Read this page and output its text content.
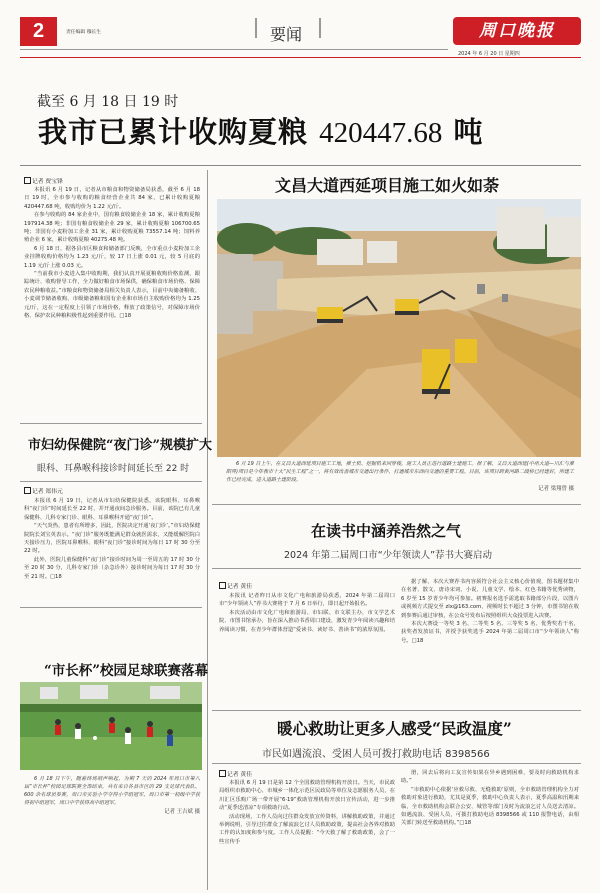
2	责任编辑 穆长生	要闻	周口晚报
2024 年 6 月 20 日 星期四
截至 6 月 18 日 19 时
我市已累计收购夏粮 420447.68 吨
记者 贾宝锋

本报讯 6 月 19 日，记者从市粮食和物资储备局获悉，截至 6 月 18 日 19 时，全市参与收购的粮食经营企业共 84 家，已累计收购夏粮 420447.68 吨，收购均价为 1.22 元/斤。

在参与收购的 84 家企业中，国有粮食收储企业 18 家，累计收购夏粮 197914.38 吨；非国有粮食收储企业 29 家，累计收购夏粮 106700.65 吨；非国有小麦粉加工企业 31 家，累计收购夏粮 73557.14 吨；饲料养殖企业 6 家，累计收购夏粮 40275.48 吨。

6 月 18 日，据各县市区粮食和储备部门反映，全市重点小麦粉加工企业挂牌收购价格均为 1.23 元/斤，较 17 日上涨 0.01 元，较 5 月底的 1.19 元/斤上涨 0.03 元。

“当前我市小麦进入集中收购期，我们认真开展夏粮收购价格监测，跟踪统计、收购督导工作，全力做好粮食市场保供，确保粮食市场价格、保障农民种粮收益。”市粮食和物资储备局相关负责人表示，目前中央储备粮收、小麦调节储备收购、市级储备粮和国有企业和市场自主收购价格均为 1.25 元/斤，这在一定程度上引领了市场价格，释放了政策信号，对保障市场价格、保护农民种粮积极性起到重要作用。□18

市妇幼保健院“夜门诊”规模扩大
眼科、耳鼻喉科接诊时间延长至 22 时
记者 郑伟元

本报讯 6 月 19 日，记者从市妇幼保健院获悉，该院眼科、耳鼻喉科“夜门诊”时间延长至 22 时，并开通夜间急诊服务。目前，该院已有儿童保健科、儿科专家门诊、眼科、耳鼻喉科开通“夜门诊”。

“天气炎热，患者有所增多，因此，医院决定开通‘夜门诊’。”市妇幼保健院院长刘宝英表示。“夜门诊”服务既能满足群众就医需求，又能缓解医院白天接诊压力，医院耳鼻喉科、眼科“夜门诊”接诊时间为每日 17 时 30 分至 22 时。

此外，医院儿童保健科“夜门诊”接诊时间为周一至周五的 17 时 30 分至 20 时 30 分，儿科专家门诊（杂急诊外）接诊时间为每日 17 时 30 分至 21 时。□18

“市长杯”校园足球联赛落幕

6 月 18 日下午，随着终场哨声响起，为期 7 天的 2024 年周口市第八届“市长杯”校园足球联赛全部结束，共有来自各县市区的 29 支足球代表队、600 余名球员参赛，周口市实验小学夺得小学组冠军，周口市第一初级中学获得初中组冠军，周口中学获得高中组冠军。

记者 王吉斌 摄

文昌大道西延项目施工如火如荼

6 月 19 日上午，在文昌大道西延项目施工工地，推土机、挖掘机来回穿梭，施工人员正进行道路土建施工。据了解，文昌大道西延(中州大道—川汇与淮阳界)项目是今年我市十大“民生工程”之一，将有效改善城市交通出行条件，打通城市东西向交通的重要工程。目前，该项目跨黄河路二级桥已经建好，所建工作已经完成，进入道路土建阶段。

记者 梁翔曾 摄

在读书中涵养浩然之气
2024 年第二届周口市“少年领读人”荐书大赛启动
记者 黄佳

本报讯 记者昨日从市文化广电和旅游局获悉，2024 年第二届周口市“少年领读人”荐书大赛将于 7 月 6 日举行，即日起开始报名。

本次活动由市文化广电和旅游局、市妇联、市文联主办，市文学艺术院、市图书馆承办，旨在深入推动书香周口建设，激发青少年阅读兴趣和培养阅读习惯，在青少年群体营造“爱读书、读好书、善读书”的浓厚氛围。

据了解，本次大赛荐书内容须符合社会主义核心价值观，图书题材集中在名著、散文、唐诗宋词、小说、儿童文学、绘本、红色书籍等优秀读物，6 岁至 15 岁青少年均可参加。初赛报名选手需选取书籍部分片段，以图片或视频方式提交至 zlx@163.com，视频时长不超过 3 分钟，市图书馆在收到参赛后通过审核，在公众号发布后按照组织大众投票进入决赛。

本次大赛设一等奖 3 名、二等奖 5 名、三等奖 5 名、优秀奖若干名，获奖者发放证书，并授予获奖选手 2024 年第二届周口市“少年领读人”称号。□18

暖心救助让更多人感受“民政温度”
市民如遇流浪、受困人员可拨打救助电话 8398566
记者 黄佳

本报讯 6 月 19 日是第 12 个全国救助管理机构开放日。当天，市民政局组织市救助中心、市城乡一体化示范区民政局等单位及志愿服务人员，在川汇区乐购广场一带开展“6·19”救助管理机构开放日宣传活动，进一步推动“夏季送清凉”专项救助行动。

活动现场，工作人员向过往群众发放宣传资料，讲解救助政策，并通过举例说明，引导过往群众了解流浪乞讨人员救助政策，提高社会各界对救助工作的认知度和参与度。工作人员提醒：“今天救了解了救助政策，会了一些宣传手

册，回去后将向工友宣传如果在异乡遇到困难，要及时向救助机构求助。”

“市救助中心依据‘应救尽救、无缝救助’原则，全市救助管理机构全力对救助对象进行救助，尤其是夏季，救助中心负责人表示，夏季高温和汛期来临，全市救助机构会联合公安、城管等部门及时为流浪乞讨人员送去清凉。如遇流浪、受困人员，可拨打救助电话 8398566 或 110 报警电话，由相关部门转送至救助机构。”□18
